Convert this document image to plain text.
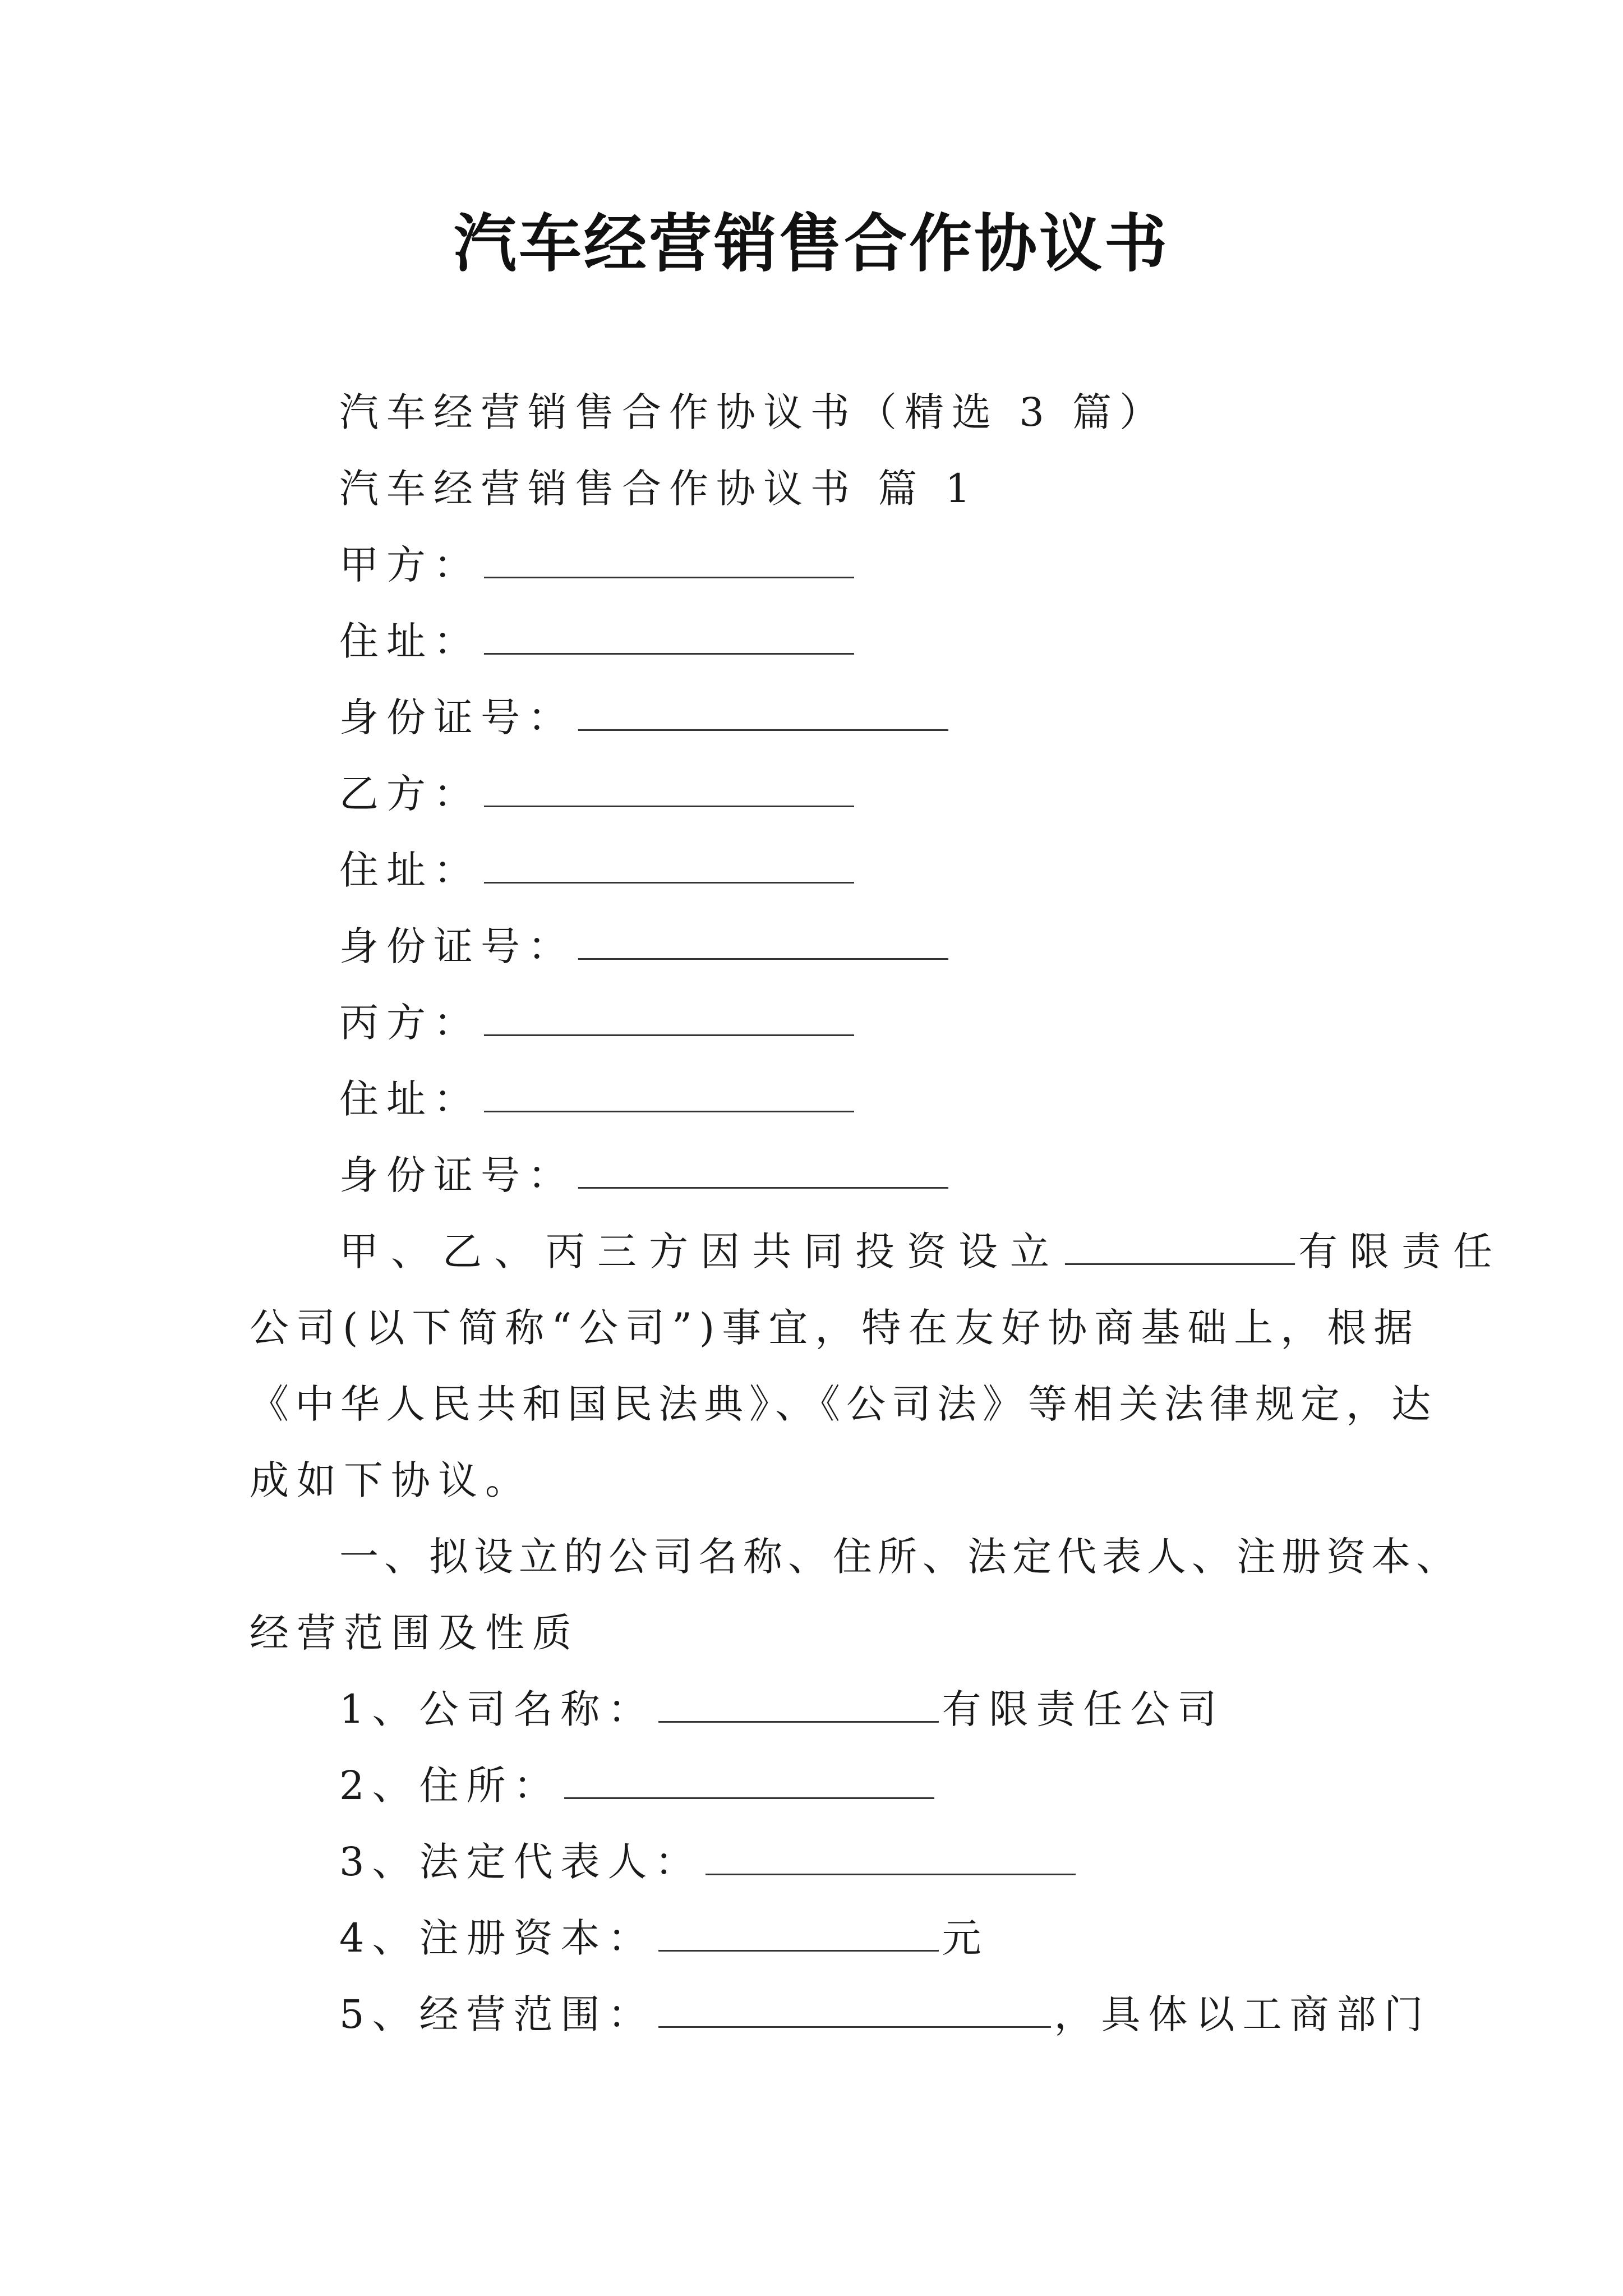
汽车经营销售合作协议书
汽车经营销售合作协议书（精选 3 篇）
汽车经营销售合作协议书 篇 1
甲方：
住址：
身份证号：
乙方：
住址：
身份证号：
丙方：
住址：
身份证号：
甲、乙、丙三方因共同投资设立	有限责任
公司(以下简称“公司”)事宜，特在友好协商基础上，根据
《中华人民共和国民法典》、《公司法》等相关法律规定，达
成如下协议。
一、拟设立的公司名称、住所、法定代表人、注册资本、
经营范围及性质
1、公司名称：	有限责任公司
2、住所：
3、法定代表人：
4、注册资本：	元
5、经营范围：	，具体以工商部门
